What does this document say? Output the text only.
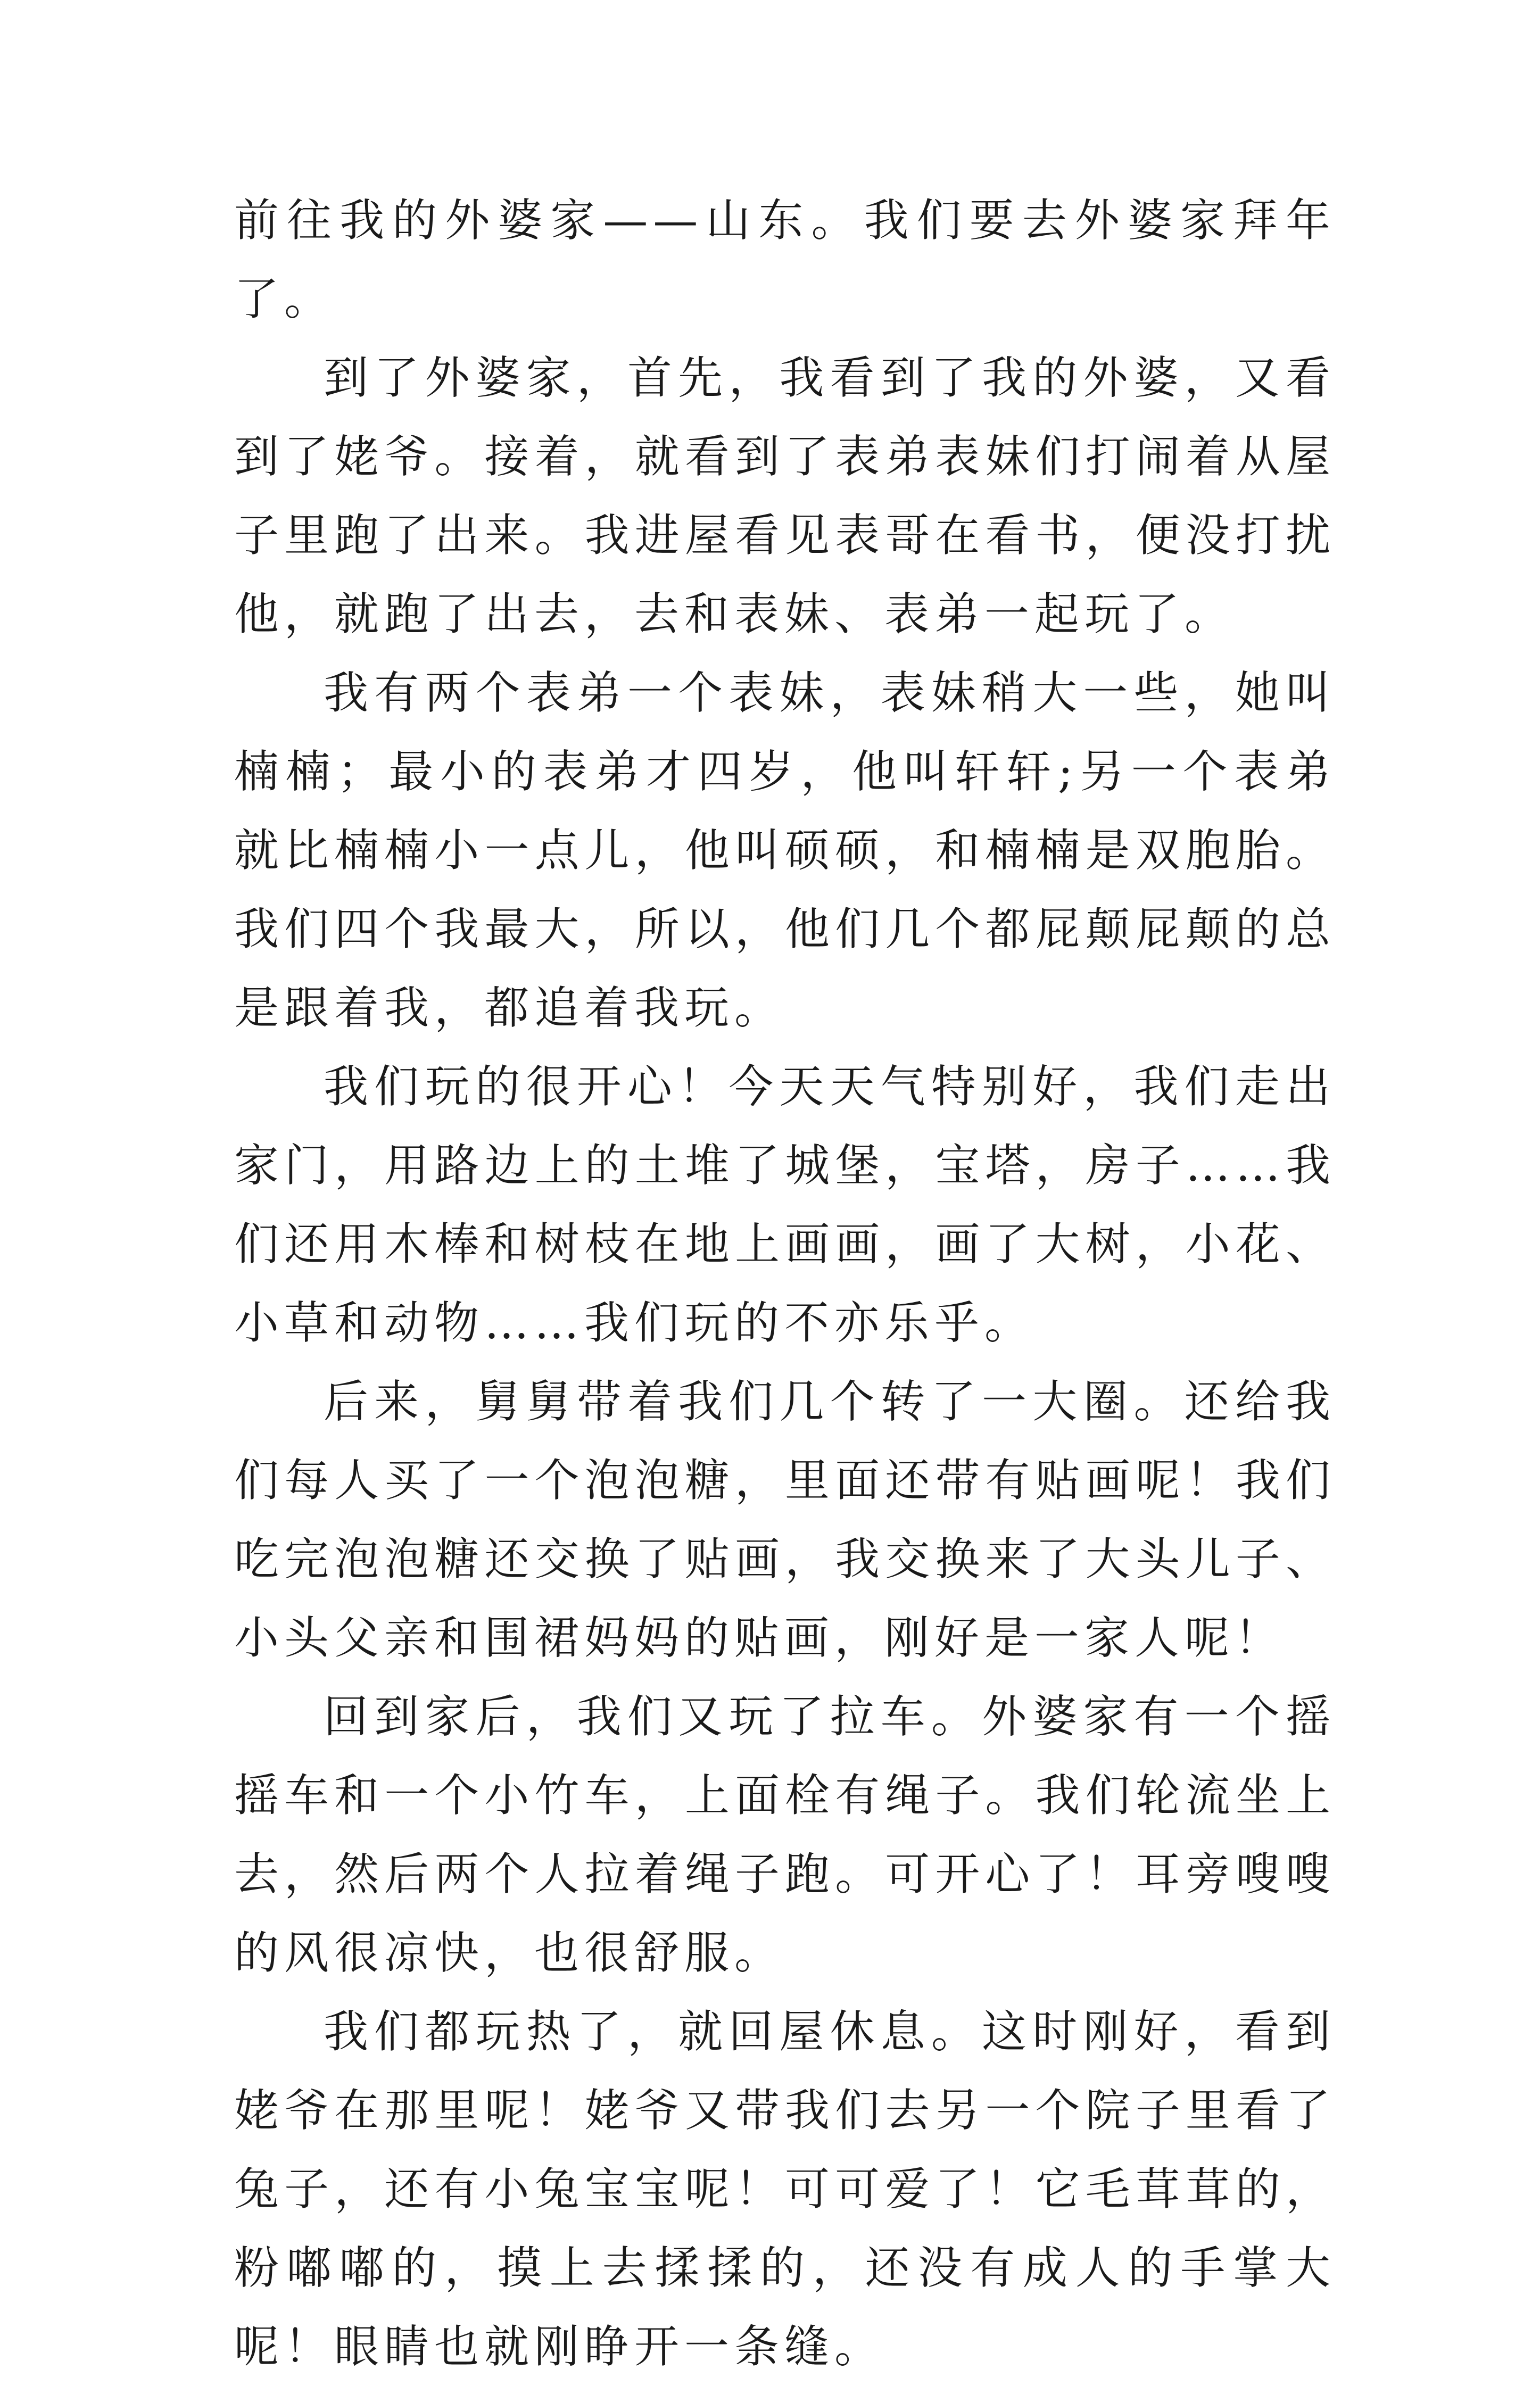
前往我的外婆家——山东。我们要去外婆家拜年了。

到了外婆家，首先，我看到了我的外婆，又看到了姥爷。接着，就看到了表弟表妹们打闹着从屋子里跑了出来。我进屋看见表哥在看书，便没打扰他，就跑了出去，去和表妹、表弟一起玩了。

我有两个表弟一个表妹，表妹稍大一些，她叫楠楠；最小的表弟才四岁，他叫轩轩;另一个表弟就比楠楠小一点儿，他叫硕硕，和楠楠是双胞胎。我们四个我最大，所以，他们几个都屁颠屁颠的总是跟着我，都追着我玩。

我们玩的很开心！今天天气特别好，我们走出家门，用路边上的土堆了城堡，宝塔，房子……我们还用木棒和树枝在地上画画，画了大树，小花、小草和动物……我们玩的不亦乐乎。

后来，舅舅带着我们几个转了一大圈。还给我们每人买了一个泡泡糖，里面还带有贴画呢！我们吃完泡泡糖还交换了贴画，我交换来了大头儿子、小头父亲和围裙妈妈的贴画，刚好是一家人呢！

回到家后，我们又玩了拉车。外婆家有一个摇摇车和一个小竹车，上面栓有绳子。我们轮流坐上去，然后两个人拉着绳子跑。可开心了！耳旁嗖嗖的风很凉快，也很舒服。

我们都玩热了，就回屋休息。这时刚好，看到姥爷在那里呢！姥爷又带我们去另一个院子里看了兔子，还有小兔宝宝呢！可可爱了！它毛茸茸的，粉嘟嘟的，摸上去揉揉的，还没有成人的手掌大呢！眼睛也就刚睁开一条缝。
